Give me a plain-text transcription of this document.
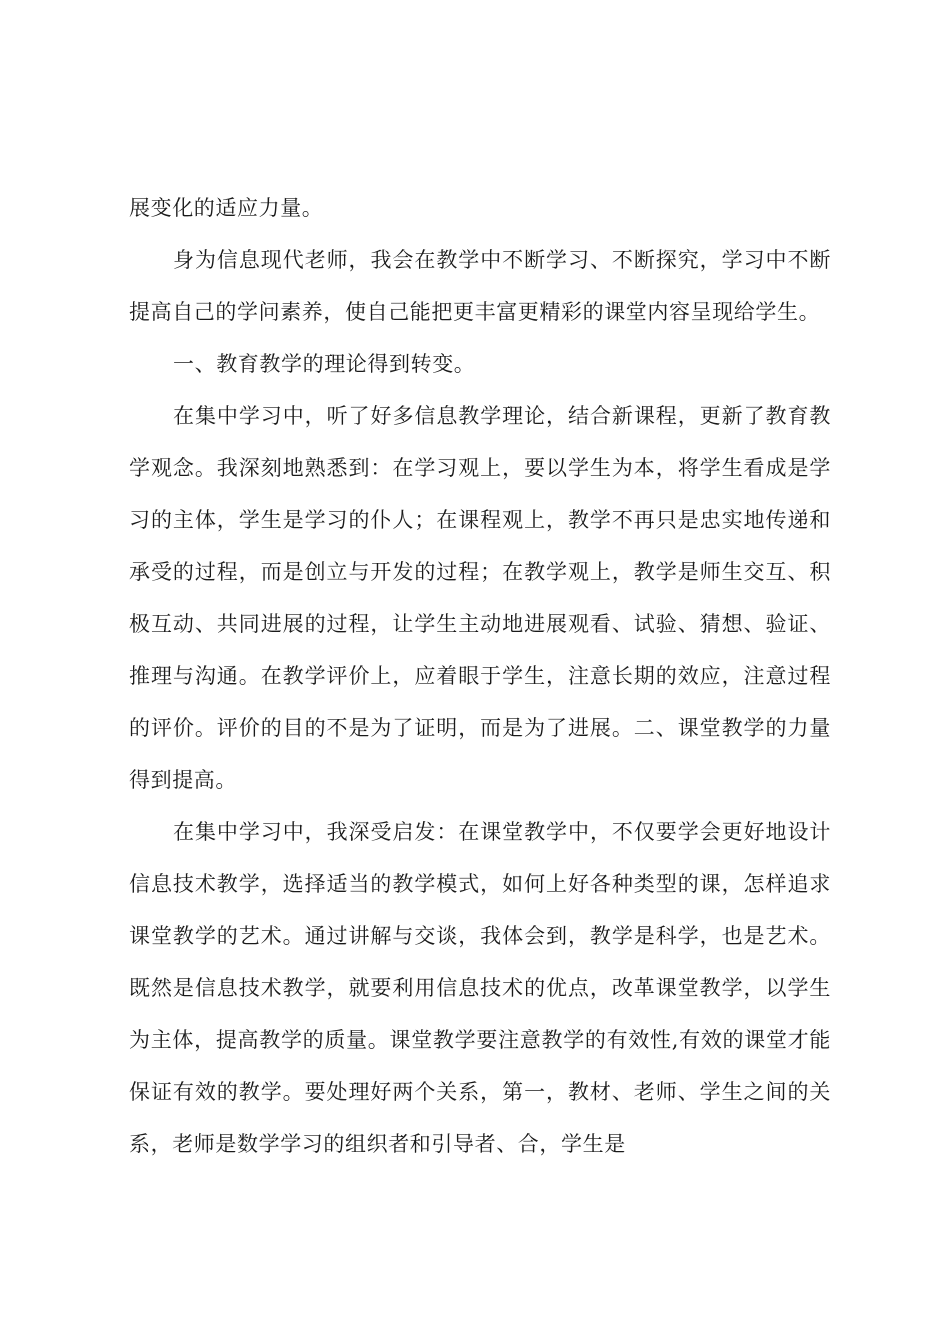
展变化的适应力量。

身为信息现代老师，我会在教学中不断学习、不断探究，学习中不断提高自己的学问素养，使自己能把更丰富更精彩的课堂内容呈现给学生。

一、教育教学的理论得到转变。

在集中学习中，听了好多信息教学理论，结合新课程，更新了教育教学观念。我深刻地熟悉到：在学习观上，要以学生为本，将学生看成是学习的主体，学生是学习的仆人；在课程观上，教学不再只是忠实地传递和承受的过程，而是创立与开发的过程；在教学观上，教学是师生交互、积极互动、共同进展的过程，让学生主动地进展观看、试验、猜想、验证、推理与沟通。在教学评价上，应着眼于学生，注意长期的效应，注意过程的评价。评价的目的不是为了证明，而是为了进展。二、课堂教学的力量得到提高。

在集中学习中，我深受启发：在课堂教学中，不仅要学会更好地设计信息技术教学，选择适当的教学模式，如何上好各种类型的课，怎样追求课堂教学的艺术。通过讲解与交谈，我体会到，教学是科学，也是艺术。既然是信息技术教学，就要利用信息技术的优点，改革课堂教学，以学生为主体，提高教学的质量。课堂教学要注意教学的有效性,有效的课堂才能保证有效的教学。要处理好两个关系，第一，教材、老师、学生之间的关系，老师是数学学习的组织者和引导者、合，学生是
